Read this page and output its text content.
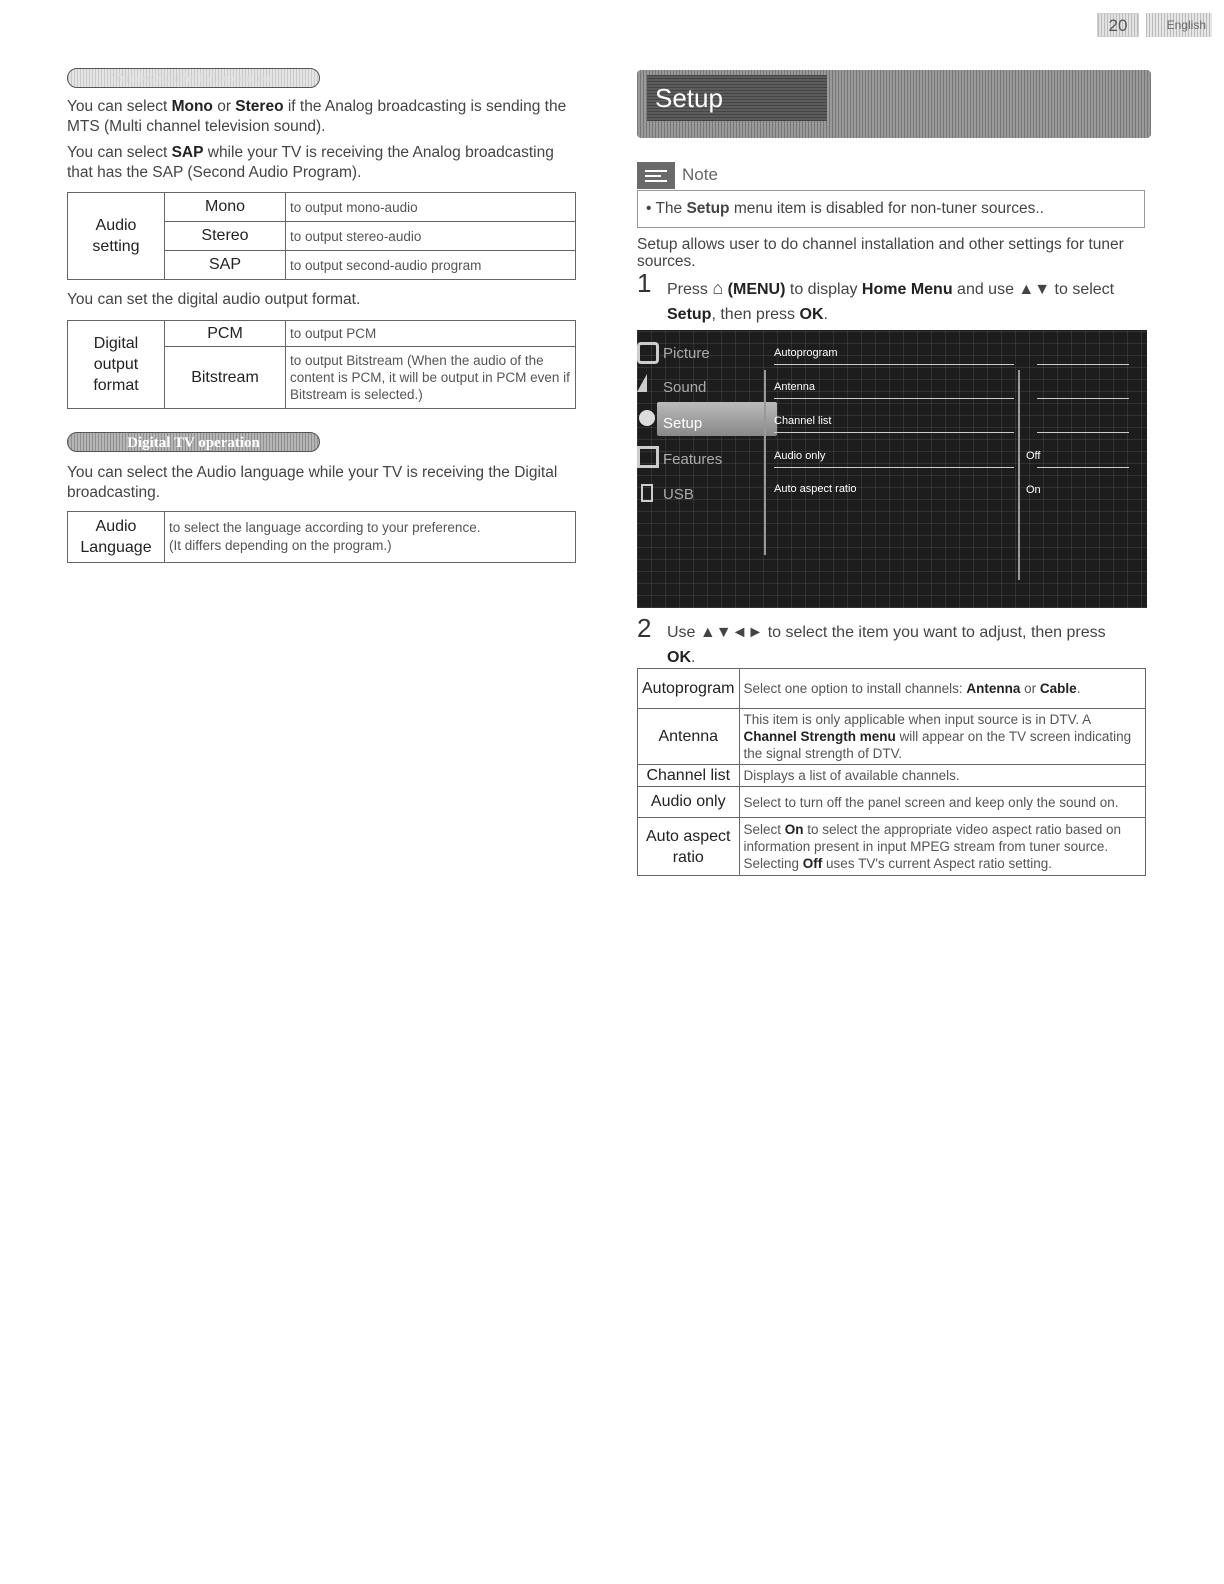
20	English
Analog/Cable TV operation
You can select Mono or Stereo if the Analog broadcasting is sending the MTS (Multi channel television sound).
You can select SAP while your TV is receiving the Analog broadcasting that has the SAP (Second Audio Program).
Audio setting	Mono	to output mono-audio
	Stereo	to output stereo-audio
	SAP	to output second-audio program
You can set the digital audio output format.
Digital output format	PCM	to output PCM
	Bitstream	to output Bitstream (When the audio of the content is PCM, it will be output in PCM even if Bitstream is selected.)
Digital TV operation
You can select the Audio language while your TV is receiving the Digital broadcasting.
Audio Language	
to select the language according to your preference.
(It differs depending on the program.)
Setup
Note
• The Setup menu item is disabled for non-tuner sources..
Setup allows user to do channel installation and other settings for tuner sources.
1 Press ⌂ (MENU) to display Home Menu and use ▲▼ to select
Setup, then press OK.
Picture
Sound
Setup
Features
USB
Autoprogram
Antenna
Channel list
Audio only
Auto aspect ratio
Off
On
2 Use ▲▼◄► to select the item you want to adjust, then press
OK.
Autoprogram	Select one option to install channels: Antenna or Cable.
Antenna	This item is only applicable when input source is in DTV. A Channel Strength menu will appear on the TV screen indicating the signal strength of DTV.
Channel list	Displays a list of available channels.
Audio only	Select to turn off the panel screen and keep only the sound on.
Auto aspect ratio	Select On to select the appropriate video aspect ratio based on information present in input MPEG stream from tuner source. Selecting Off uses TV's current Aspect ratio setting.
